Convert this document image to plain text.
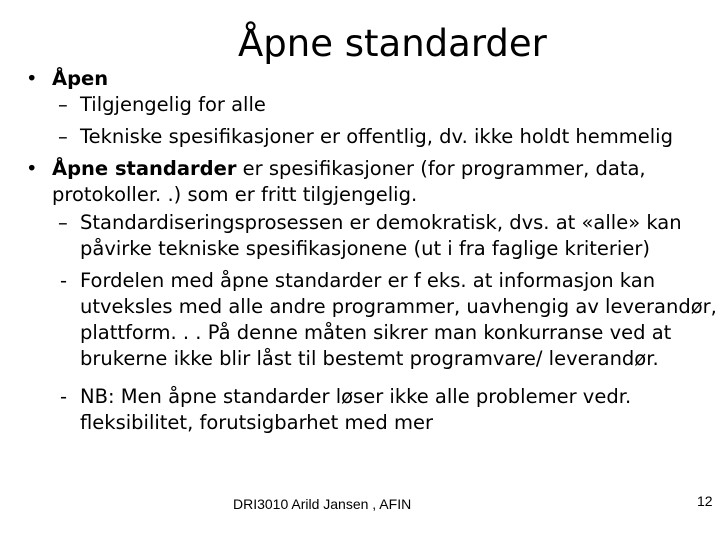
Åpne standarder
• Åpen
– Tilgjengelig for alle
– Tekniske spesifikasjoner er offentlig, dv. ikke holdt hemmelig
• Åpne standarder er spesifikasjoner (for programmer, data,
protokoller. .) som er fritt tilgjengelig.
– Standardiseringsprosessen er demokratisk, dvs. at «alle» kan
påvirke tekniske spesifikasjonene (ut i fra faglige kriterier)
- Fordelen med åpne standarder er f eks. at informasjon kan
utveksles med alle andre programmer, uavhengig av leverandør,
plattform. . . På denne måten sikrer man konkurranse ved at
brukerne ikke blir låst til bestemt programvare/ leverandør.
- NB: Men åpne standarder løser ikke alle problemer vedr.
fleksibilitet, forutsigbarhet med mer
DRI3010 Arild Jansen , AFIN	12
